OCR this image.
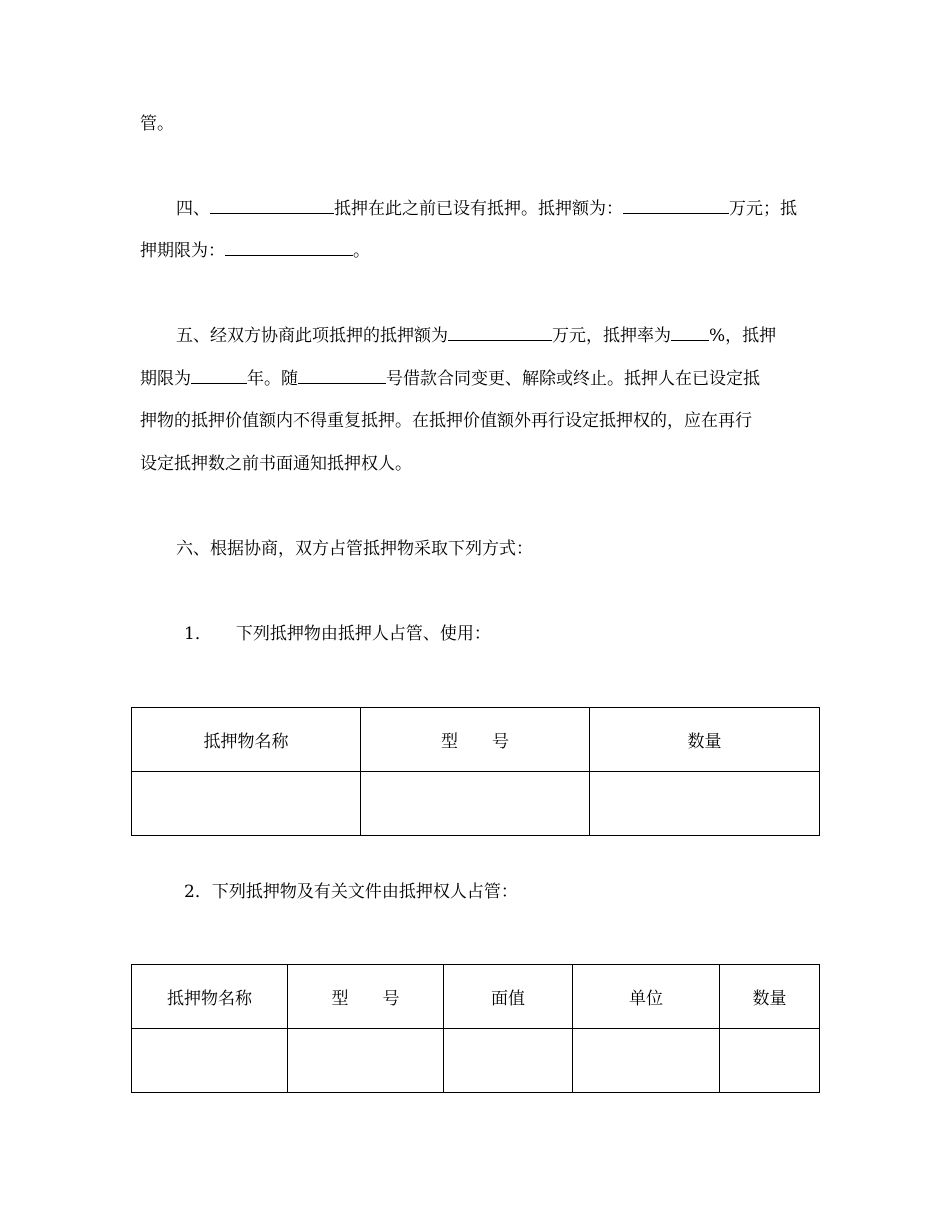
管。
四、	抵押在此之前已设有抵押。抵押额为：	万元；抵
押期限为：	。
五、经双方协商此项抵押的抵押额为	万元，抵押率为 %，抵押
期限为	年。随	号借款合同变更、解除或终止。抵押人在已设定抵
押物的抵押价值额内不得重复抵押。在抵押价值额外再行设定抵押权的，应在再行
设定抵押数之前书面通知抵押权人。
六、根据协商，双方占管抵押物采取下列方式：
1． 下列抵押物由抵押人占管、使用：
抵押物名称	型　　号	数量

2．下列抵押物及有关文件由抵押权人占管：
抵押物名称	型　　号	面值	单位	数量
